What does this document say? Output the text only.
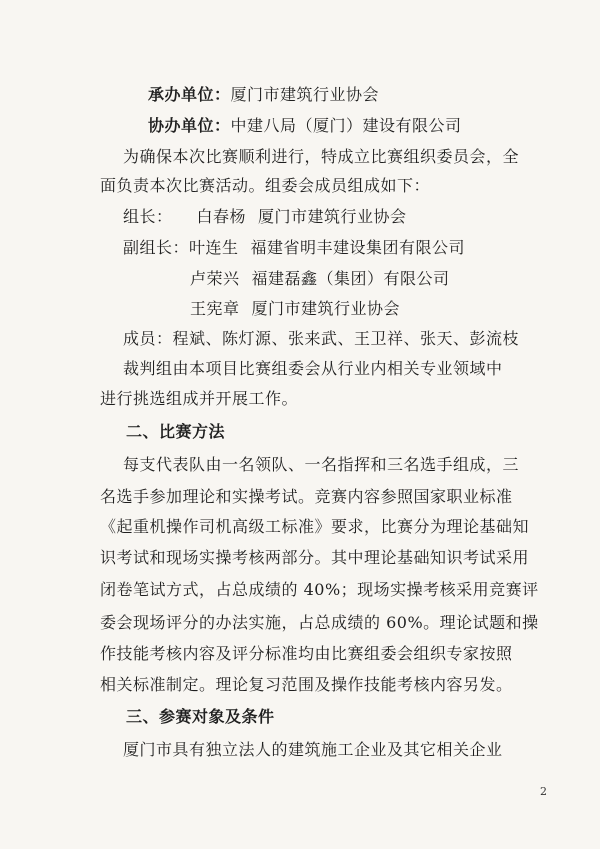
承办单位：厦门市建筑行业协会
协办单位：中建八局（厦门）建设有限公司
为确保本次比赛顺利进行，特成立比赛组织委员会，全
面负责本次比赛活动。组委会成员组成如下：
组长： 白春杨 厦门市建筑行业协会
副组长：叶连生 福建省明丰建设集团有限公司
卢荣兴 福建磊鑫（集团）有限公司
王宪章 厦门市建筑行业协会
成员：程斌、陈灯源、张来武、王卫祥、张天、彭流枝
裁判组由本项目比赛组委会从行业内相关专业领域中
进行挑选组成并开展工作。
二、比赛方法
每支代表队由一名领队、一名指挥和三名选手组成，三
名选手参加理论和实操考试。竞赛内容参照国家职业标准
《起重机操作司机高级工标准》要求，比赛分为理论基础知
识考试和现场实操考核两部分。其中理论基础知识考试采用
闭卷笔试方式，占总成绩的 40%；现场实操考核采用竞赛评
委会现场评分的办法实施，占总成绩的 60%。理论试题和操
作技能考核内容及评分标准均由比赛组委会组织专家按照
相关标准制定。理论复习范围及操作技能考核内容另发。
三、参赛对象及条件
厦门市具有独立法人的建筑施工企业及其它相关企业
2
